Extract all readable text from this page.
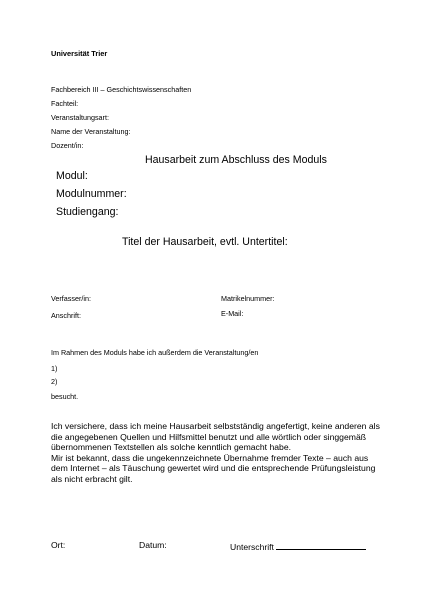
Universität Trier
Fachbereich III – Geschichtswissenschaften
Fachteil:
Veranstaltungsart:
Name der Veranstaltung:
Dozent/in:
Hausarbeit zum Abschluss des Moduls
Modul:
Modulnummer:
Studiengang:
Titel der Hausarbeit, evtl. Untertitel:
Verfasser/in:	Matrikelnummer:
Anschrift:	E-Mail:
Im Rahmen des Moduls habe ich außerdem die Veranstaltung/en
1)
2)
besucht.

Ich versichere, dass ich meine Hausarbeit selbstständig angefertigt, keine anderen als die angegebenen Quellen und Hilfsmittel benutzt und alle wörtlich oder singgemäß übernommenen Textstellen als solche kenntlich gemacht habe.

Mir ist bekannt, dass die ungekennzeichnete Übernahme fremder Texte – auch aus dem Internet – als Täuschung gewertet wird und die entsprechende Prüfungsleistung als nicht erbracht gilt.

Ort:	Datum:	Unterschrift
